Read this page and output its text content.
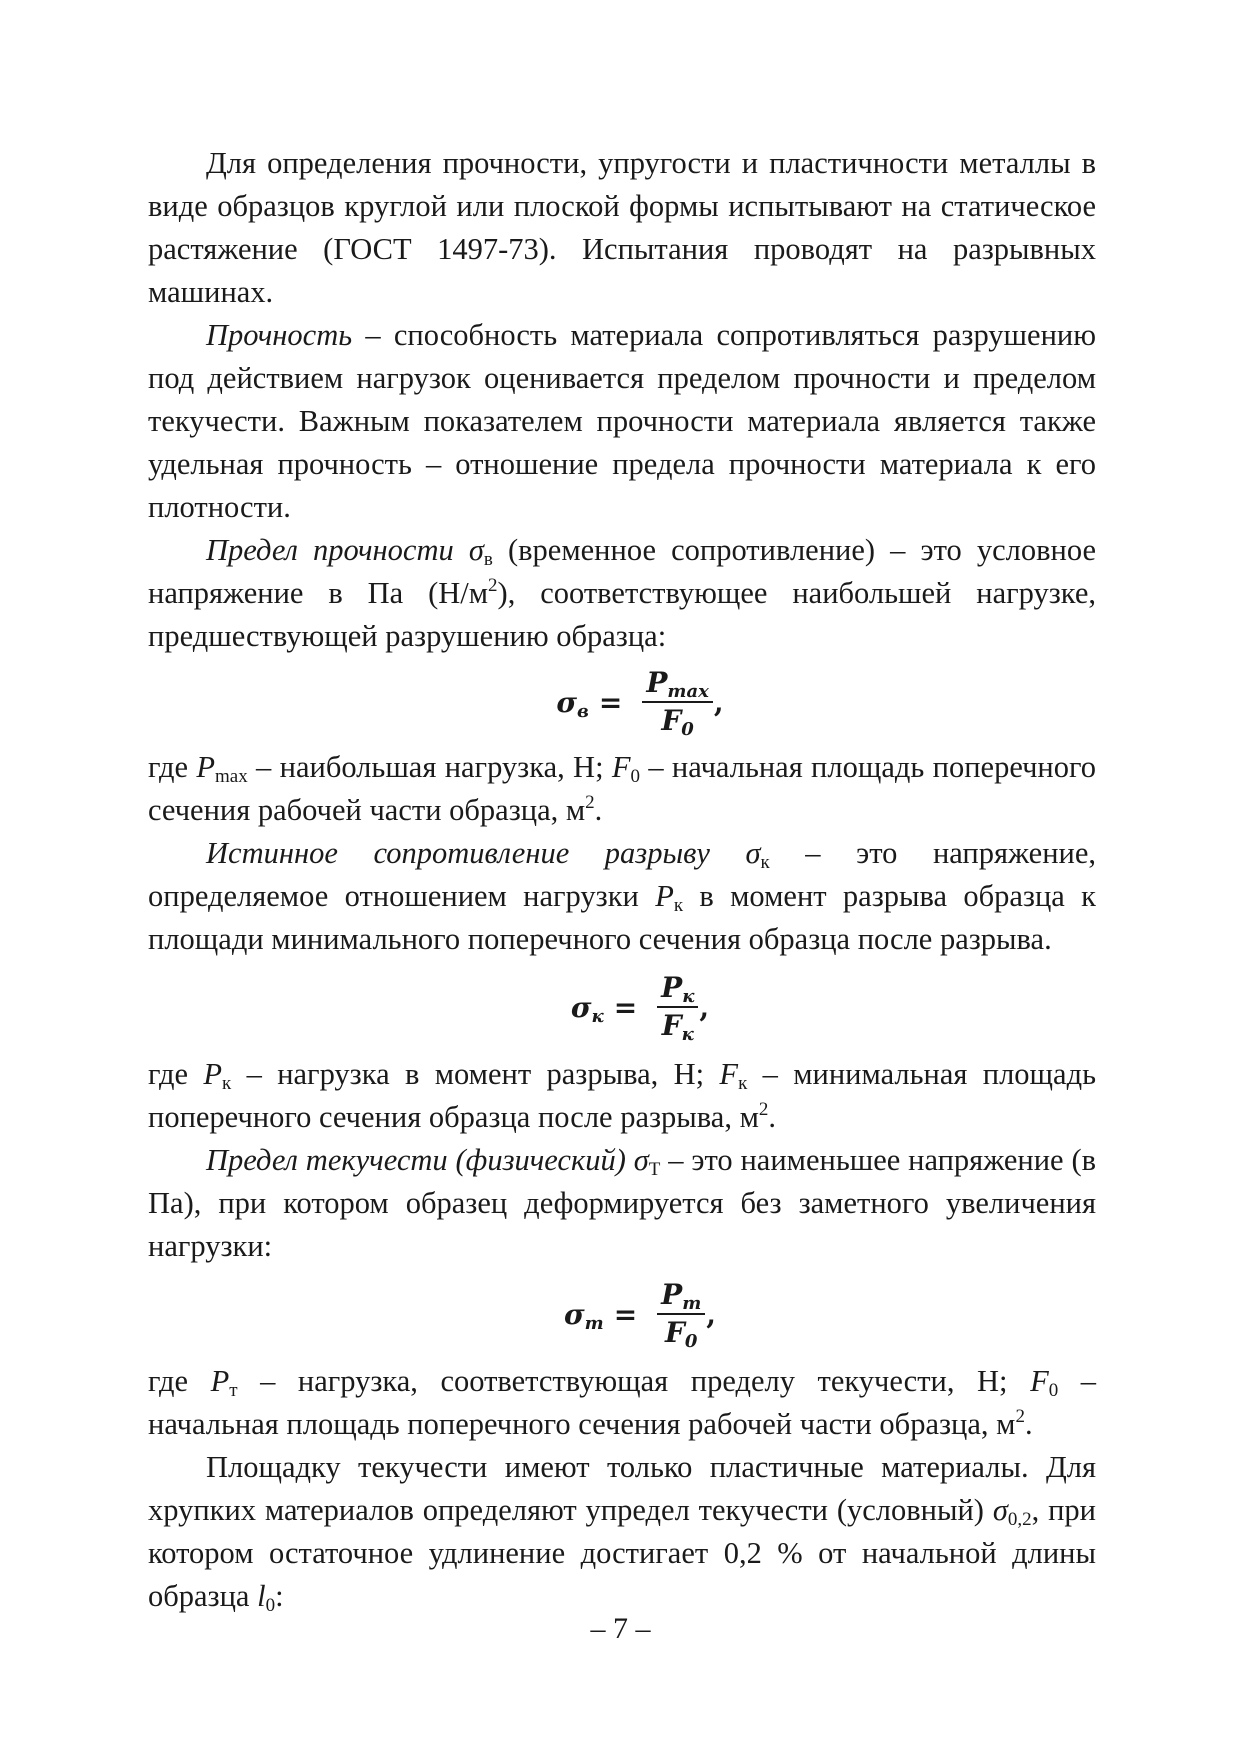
Для определения прочности, упругости и пластичности металлы в виде образцов круглой или плоской формы испытывают на статическое растяжение (ГОСТ 1497-73). Испытания проводят на разрывных машинах.

Прочность – способность материала сопротивляться разрушению под действием нагрузок оценивается пределом прочности и пределом текучести. Важным показателем прочности материала является также удельная прочность – отношение предела прочности материала к его плотности.

Предел прочности $\sigma_в$ (временное сопротивление) – это условное напряжение в Па $(Н/м^2)$, соответствующее наибольшей нагрузке, предшествующей разрушению образца:

$\sigma_в = \frac{P_{max}}{F_0}$ ,

где $P_{max}$ – наибольшая нагрузка, Н; $F_0$ – начальная площадь поперечного сечения рабочей части образца, $м^2$.

Истинное сопротивление разрыву $\sigma_к$ – это напряжение, определяемое отношением нагрузки $P_к$ в момент разрыва образца к площади минимального поперечного сечения образца после разрыва.

$\sigma_к = \frac{P_к}{F_к}$ ,

где $P_к$ – нагрузка в момент разрыва, Н; $F_к$ – минимальная площадь поперечного сечения образца после разрыва, $м^2$.

Предел текучести (физический) $\sigma_Т$ – это наименьшее напряжение (в Па), при котором образец деформируется без заметного увеличения нагрузки:

$\sigma_т = \frac{P_т}{F_0}$ ,

где $P_т$ – нагрузка, соответствующая пределу текучести, Н; $F_0$ – начальная площадь поперечного сечения рабочей части образца, $м^2$.

Площадку текучести имеют только пластичные материалы. Для хрупких материалов определяют упредел текучести (условный) $\sigma_{0,2}$, при котором остаточное удлинение достигает 0,2 % от начальной длины образца $l_0$:

– 7 –
